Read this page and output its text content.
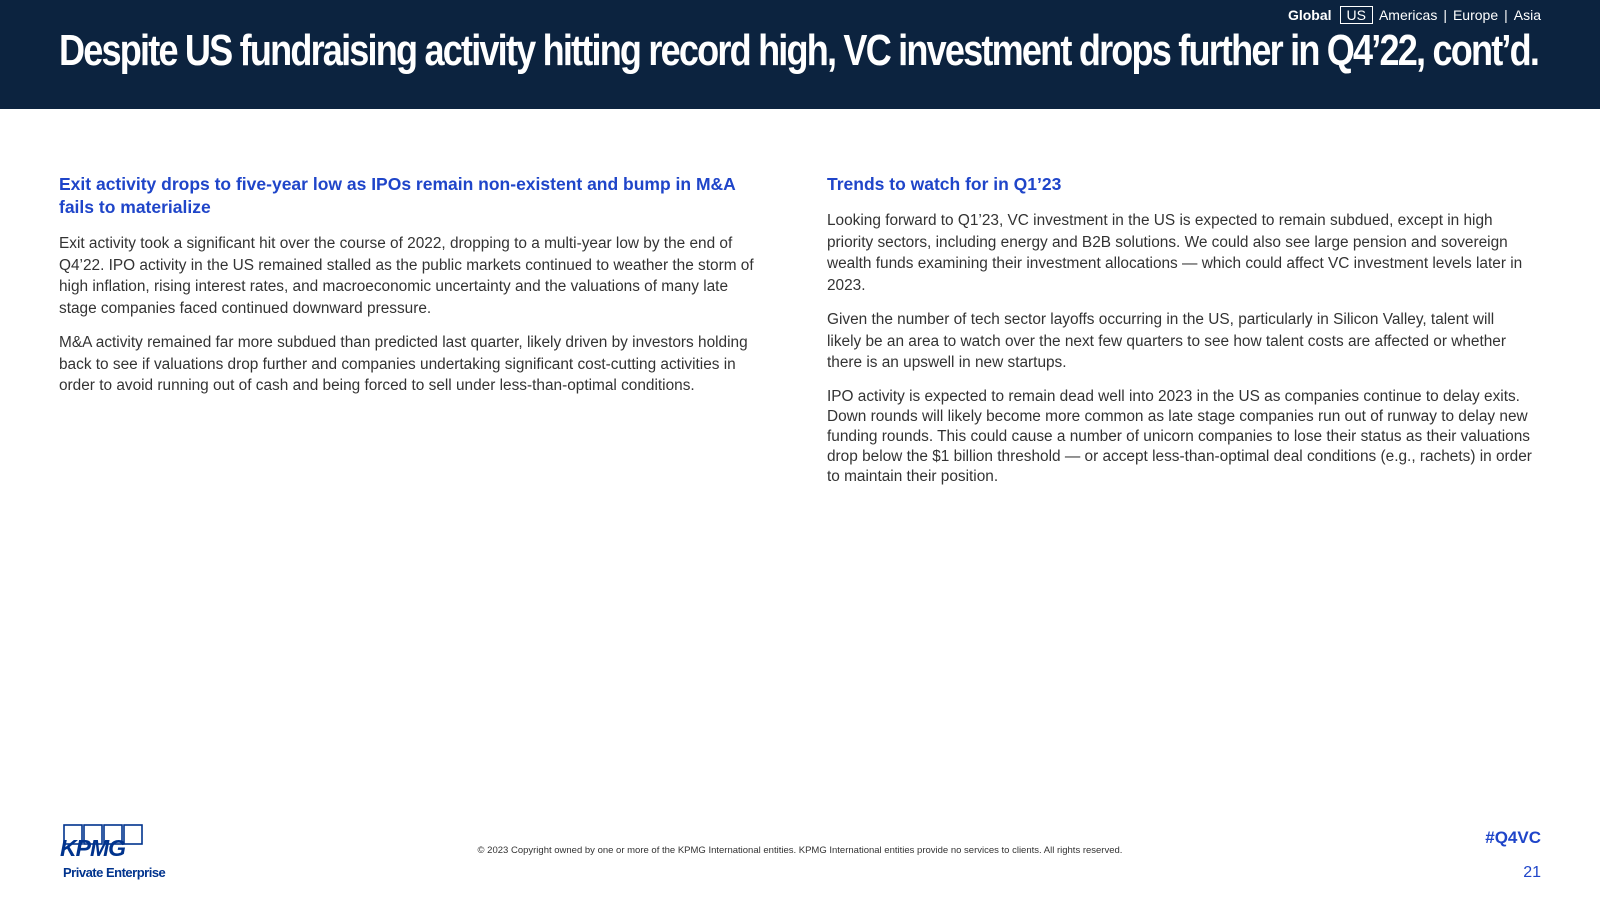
Despite US fundraising activity hitting record high, VC investment drops further in Q4’22, cont’d.
Global	US Americas | Europe | Asia
Exit activity drops to five-year low as IPOs remain non-existent and bump in M&A fails to materialize

Exit activity took a significant hit over the course of 2022, dropping to a multi-year low by the end of Q4’22. IPO activity in the US remained stalled as the public markets continued to weather the storm of high inflation, rising interest rates, and macroeconomic uncertainty and the valuations of many late stage companies faced continued downward pressure.

M&A activity remained far more subdued than predicted last quarter, likely driven by investors holding back to see if valuations drop further and companies undertaking significant cost-cutting activities in order to avoid running out of cash and being forced to sell under less-than-optimal conditions.

Trends to watch for in Q1’23

Looking forward to Q1’23, VC investment in the US is expected to remain subdued, except in high priority sectors, including energy and B2B solutions. We could also see large pension and sovereign wealth funds examining their investment allocations — which could affect VC investment levels later in 2023.

Given the number of tech sector layoffs occurring in the US, particularly in Silicon Valley, talent will likely be an area to watch over the next few quarters to see how talent costs are affected or whether there is an upswell in new startups.

IPO activity is expected to remain dead well into 2023 in the US as companies continue to delay exits. Down rounds will likely become more common as late stage companies run out of runway to delay new funding rounds. This could cause a number of unicorn companies to lose their status as their valuations drop below the $1 billion threshold — or accept less-than-optimal deal conditions (e.g., rachets) in order to maintain their position.

KPMG
Private Enterprise
© 2023 Copyright owned by one or more of the KPMG International entities. KPMG International entities provide no services to clients. All rights reserved.
#Q4VC
21
